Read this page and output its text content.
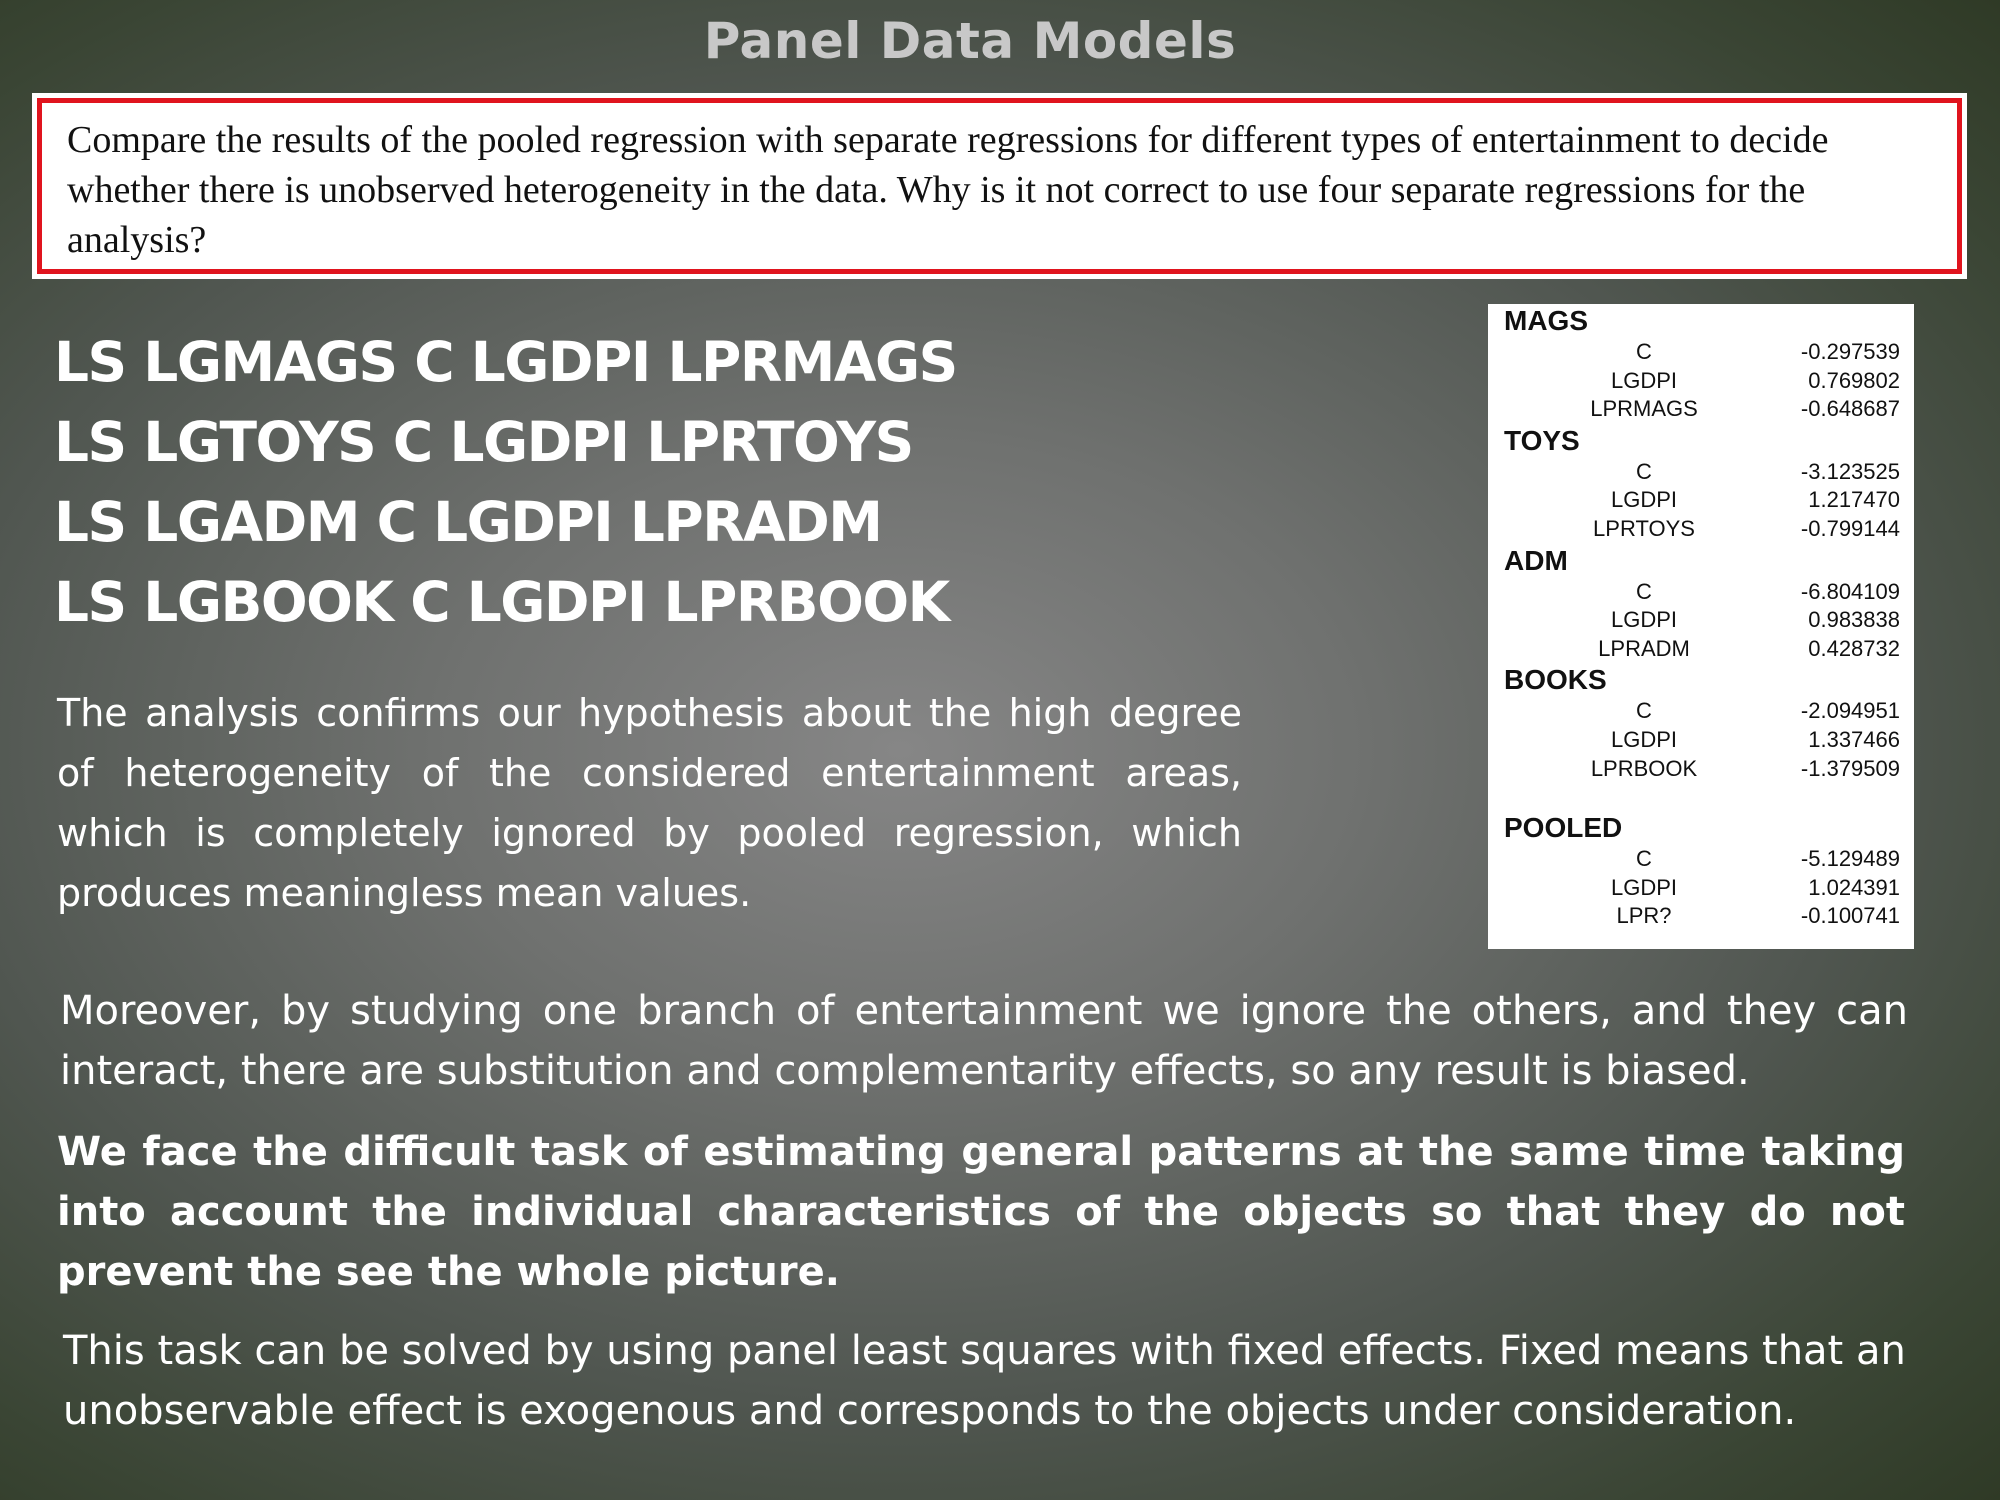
Panel Data Models
Compare the results of the pooled regression with separate regressions for different types of entertainment to decide whether there is unobserved heterogeneity in the data. Why is it not correct to use four separate regressions for the analysis?
LS LGMAGS C LGDPI LPRMAGS
LS LGTOYS C LGDPI LPRTOYS
LS LGADM C LGDPI LPRADM
LS LGBOOK C LGDPI LPRBOOK
The analysis confirms our hypothesis about the high degree of heterogeneity of the considered entertainment areas, which is completely ignored by pooled regression, which produces meaningless mean values.
MAGS
C	-0.297539
LGDPI	0.769802
LPRMAGS	-0.648687
TOYS
C	-3.123525
LGDPI	1.217470
LPRTOYS	-0.799144
ADM
C	-6.804109
LGDPI	0.983838
LPRADM	0.428732
BOOKS
C	-2.094951
LGDPI	1.337466
LPRBOOK	-1.379509
POOLED
C	-5.129489
LGDPI	1.024391
LPR?	-0.100741
Moreover, by studying one branch of entertainment we ignore the others, and they can interact, there are substitution and complementarity effects, so any result is biased.
We face the difficult task of estimating general patterns at the same time taking into account the individual characteristics of the objects so that they do not prevent the see the whole picture.
This task can be solved by using panel least squares with fixed effects. Fixed means that an unobservable effect is exogenous and corresponds to the objects under consideration.
